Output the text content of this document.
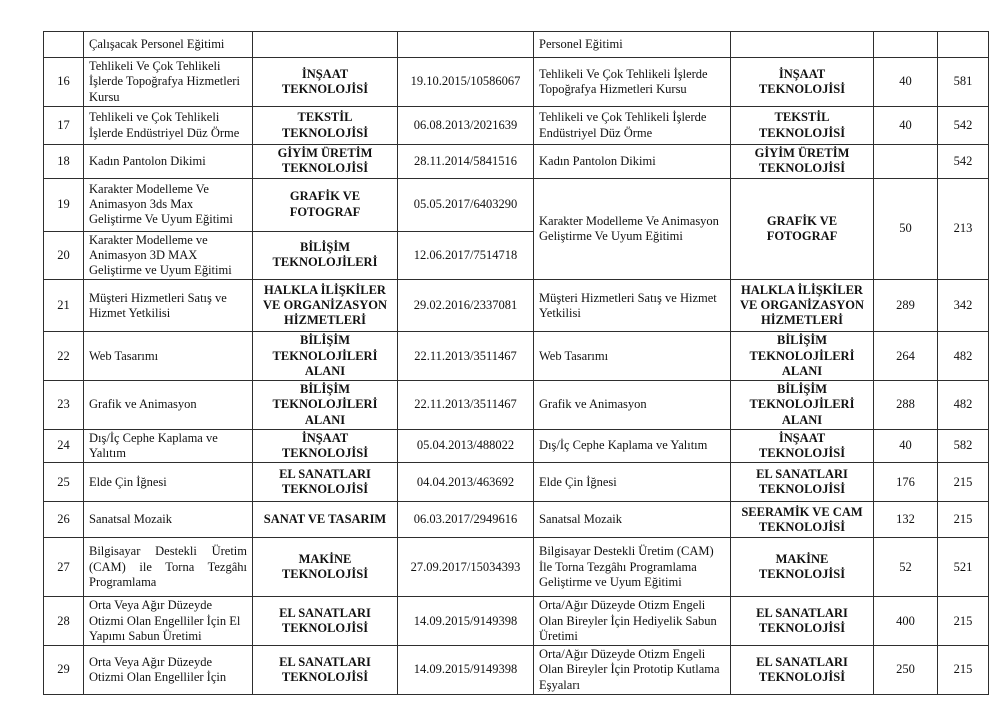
	Çalışacak Personel Eğitimi			Personel Eğitimi			
16	Tehlikeli Ve Çok Tehlikeli İşlerde Topoğrafya Hizmetleri Kursu	İNŞAAT TEKNOLOJİSİ	19.10.2015/10586067	Tehlikeli Ve Çok Tehlikeli İşlerde Topoğrafya Hizmetleri Kursu	İNŞAAT TEKNOLOJİSİ	40	581
17	Tehlikeli ve Çok Tehlikeli İşlerde Endüstriyel Düz Örme	TEKSTİL TEKNOLOJİSİ	06.08.2013/2021639	Tehlikeli ve Çok Tehlikeli İşlerde Endüstriyel Düz Örme	TEKSTİL TEKNOLOJİSİ	40	542
18	Kadın Pantolon Dikimi	GİYİM ÜRETİM TEKNOLOJİSİ	28.11.2014/5841516	Kadın Pantolon Dikimi	GİYİM ÜRETİM TEKNOLOJİSİ		542
19	Karakter Modelleme Ve Animasyon 3ds Max Geliştirme Ve Uyum Eğitimi	GRAFİK VE FOTOGRAF	05.05.2017/6403290	Karakter Modelleme Ve Animasyon Geliştirme Ve Uyum Eğitimi	GRAFİK VE FOTOGRAF	50	213
20	Karakter Modelleme ve Animasyon 3D MAX Geliştirme ve Uyum Eğitimi	BİLİŞİM TEKNOLOJİLERİ	12.06.2017/7514718				
21	Müşteri Hizmetleri Satış ve Hizmet Yetkilisi	HALKLA İLİŞKİLER VE ORGANİZASYON HİZMETLERİ	29.02.2016/2337081	Müşteri Hizmetleri Satış ve Hizmet Yetkilisi	HALKLA İLİŞKİLER VE ORGANİZASYON HİZMETLERİ	289	342
22	Web Tasarımı	BİLİŞİM TEKNOLOJİLERİ ALANI	22.11.2013/3511467	Web Tasarımı	BİLİŞİM TEKNOLOJİLERİ ALANI	264	482
23	Grafik ve Animasyon	BİLİŞİM TEKNOLOJİLERİ ALANI	22.11.2013/3511467	Grafik ve Animasyon	BİLİŞİM TEKNOLOJİLERİ ALANI	288	482
24	Dış/İç Cephe Kaplama ve Yalıtım	İNŞAAT TEKNOLOJİSİ	05.04.2013/488022	Dış/İç Cephe Kaplama ve Yalıtım	İNŞAAT TEKNOLOJİSİ	40	582
25	Elde Çin İğnesi	EL SANATLARI TEKNOLOJİSİ	04.04.2013/463692	Elde Çin İğnesi	EL SANATLARI TEKNOLOJİSİ	176	215
26	Sanatsal Mozaik	SANAT VE TASARIM	06.03.2017/2949616	Sanatsal Mozaik	SEERAMİK VE CAM TEKNOLOJİSİ	132	215
27	Bilgisayar Destekli Üretim (CAM) ile Torna Tezgâhı Programlama	MAKİNE TEKNOLOJİSİ	27.09.2017/15034393	Bilgisayar Destekli Üretim (CAM) İle Torna Tezgâhı Programlama Geliştirme ve Uyum Eğitimi	MAKİNE TEKNOLOJİSİ	52	521
28	Orta Veya Ağır Düzeyde Otizmi Olan Engelliler İçin El Yapımı Sabun Üretimi	EL SANATLARI TEKNOLOJİSİ	14.09.2015/9149398	Orta/Ağır Düzeyde Otizm Engeli Olan Bireyler İçin Hediyelik Sabun Üretimi	EL SANATLARI TEKNOLOJİSİ	400	215
29	Orta Veya Ağır Düzeyde Otizmi Olan Engelliler İçin	EL SANATLARI TEKNOLOJİSİ	14.09.2015/9149398	Orta/Ağır Düzeyde Otizm Engeli Olan Bireyler İçin Prototip Kutlama Eşyaları	EL SANATLARI TEKNOLOJİSİ	250	215
